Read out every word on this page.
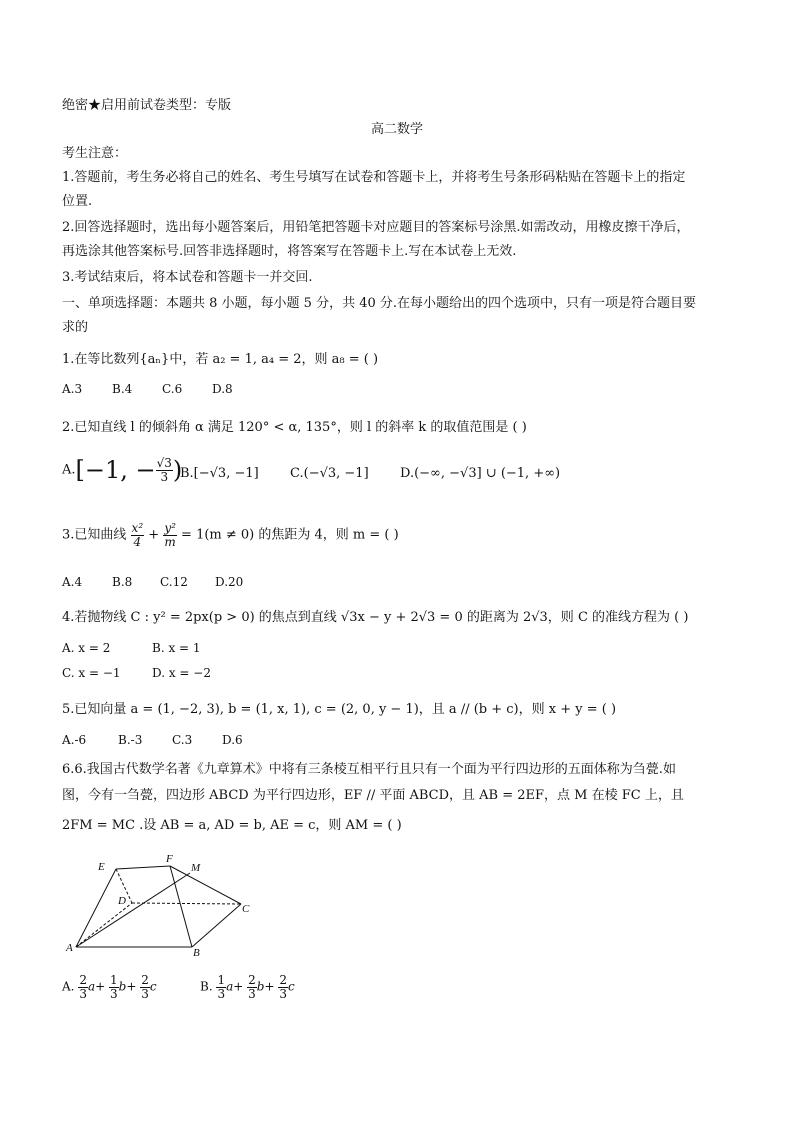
绝密★启用前试卷类型：专版
高二数学
考生注意：
1.答题前，考生务必将自己的姓名、考生号填写在试卷和答题卡上，并将考生号条形码粘贴在答题卡上的指定
位置.
2.回答选择题时，选出每小题答案后，用铅笔把答题卡对应题目的答案标号涂黑.如需改动，用橡皮擦干净后，
再选涂其他答案标号.回答非选择题时，将答案写在答题卡上.写在本试卷上无效.
3.考试结束后，将本试卷和答题卡一并交回.
一、单项选择题：本题共 8 小题，每小题 5 分，共 40 分.在每小题给出的四个选项中，只有一项是符合题目要
求的
1.在等比数列{aₙ}中，若 a₂ = 1, a₄ = 2，则 a₈ = ( )
A.3 B.4 C.6 D.8
2.已知直线 l 的倾斜角 α 满足 120° < α, 135°，则 l 的斜率 k 的取值范围是 ( )
A.[−1, − $\frac{√3}{3}$ )
B.[−√3, −1] C.(−√3, −1] D.(−∞, −√3] ∪ (−1, +∞)
3.已知曲线 $\frac{\text{x²}}{4} + \frac{\text{y²}}{m} = 1(m \ne 0)$ 的焦距为 4，则 m = ( )
A.4 B.8 C.12 D.20
4.若抛物线 C : y² = 2px(p > 0) 的焦点到直线 √3x − y + 2√3 = 0 的距离为 2√3，则 C 的准线方程为 ( )
A. x = 2	B. x = 1
C. x = −1	D. x = −2
5.已知向量 a = (1, −2, 3), b = (1, x, 1), c = (2, 0, y − 1)，且 a // (b + c)，则 x + y = ( )
A.-6	B.-3 C.3 D.6
6.6.我国古代数学名著《九章算术》中将有三条棱互相平行且只有一个面为平行四边形的五面体称为刍甍.如
图，今有一刍甍，四边形 ABCD 为平行四边形，EF // 平面 ABCD，且 AB = 2EF，点 M 在棱 FC 上，且
2FM = MC .设 AB = a, AD = b, AE = c，则 AM = ( )
E
F
M
D
C
A	B
A. $\frac{2}{3} a+ \frac{1}{3} b+ \frac{2}{3}$ c	B. $\frac{1}{3} a+ \frac{2}{3} b+ \frac{2}{3}$ c
